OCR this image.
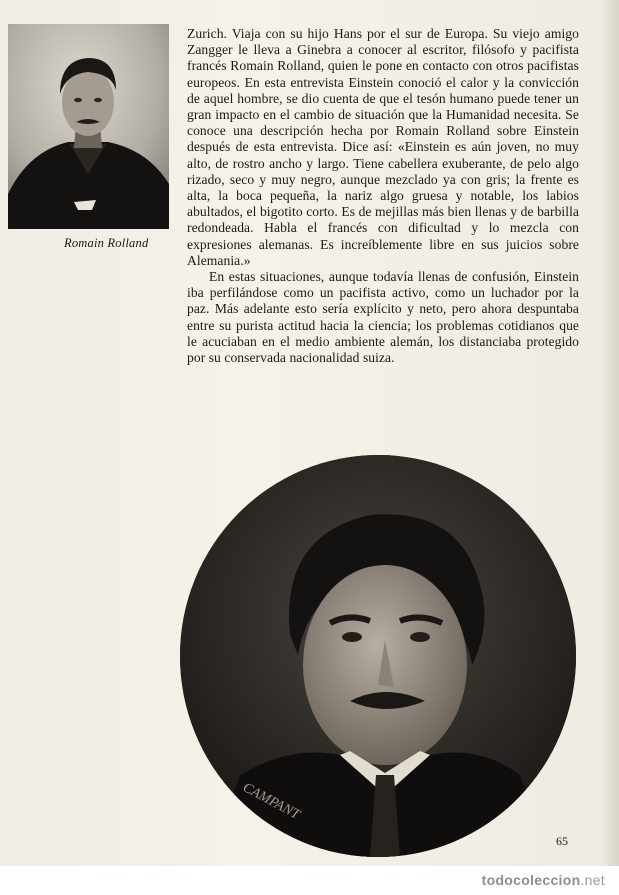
Romain Rolland

Zurich. Viaja con su hijo Hans por el sur de Europa. Su viejo amigo Zangger le lleva a Ginebra a conocer al escritor, filósofo y pacifista francés Romain Rolland, quien le pone en contacto con otros pacifistas europeos. En esta entrevista Einstein conoció el calor y la convicción de aquel hombre, se dio cuenta de que el tesón humano puede tener un gran impacto en el cambio de situación que la Humanidad necesita. Se conoce una descripción hecha por Romain Rolland sobre Einstein después de esta entrevista. Dice así: «Einstein es aún joven, no muy alto, de rostro ancho y largo. Tiene cabellera exuberante, de pelo algo rizado, seco y muy negro, aunque mezclado ya con gris; la frente es alta, la boca pequeña, la nariz algo gruesa y notable, los labios abultados, el bigotito corto. Es de mejillas más bien llenas y de barbilla redondeada. Habla el francés con dificultad y lo mezcla con expresiones alemanas. Es increíblemente libre en sus juicios sobre Alemania.»

En estas situaciones, aunque todavía llenas de confusión, Einstein iba perfilándose como un pacifista activo, como un luchador por la paz. Más adelante esto sería explícito y neto, pero ahora despuntaba entre su purista actitud hacia la ciencia; los problemas cotidianos que le acuciaban en el medio ambiente alemán, los distanciaba protegido por su conservada nacionalidad suiza.

CAMPANT
65
todocoleccion.net
